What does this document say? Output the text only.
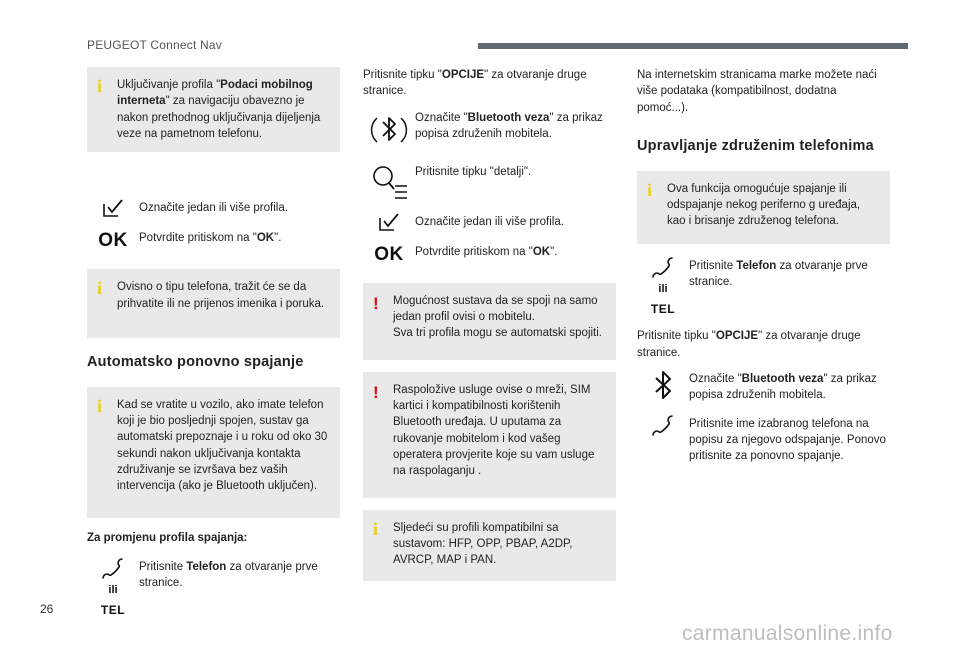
PEUGEOT Connect Nav
i Uključivanje profila "Podaci mobilnog interneta" za navigaciju obavezno je nakon prethodnog uključivanja dijeljenja veze na pametnom telefonu.

Označite jedan ili više profila.
OK Potvrdite pritiskom na "OK".
i Ovisno o tipu telefona, tražit će se da prihvatite ili ne prijenos imenika i poruka.

Automatsko ponovno spajanje
i Kad se vratite u vozilo, ako imate telefon koji je bio posljednji spojen, sustav ga automatski prepoznaje i u roku od oko 30 sekundi nakon uključivanja kontakta združivanje se izvršava bez vaših intervencija (ako je Bluetooth uključen).

Za promjenu profila spajanja:
ili
TEL
Pritisnite Telefon za otvaranje prve stranice.

Pritisnite tipku "OPCIJE" za otvaranje druge stranice.

Označite "Bluetooth veza" za prikaz popisa združenih mobitela.
Pritisnite tipku "detalji".
Označite jedan ili više profila.
OK Potvrdite pritiskom na "OK".
! Mogućnost sustava da se spoji na samo jedan profil ovisi o mobitelu.
Sva tri profila mogu se automatski spojiti.

! Raspoložive usluge ovise o mreži, SIM kartici i kompatibilnosti korištenih Bluetooth uređaja. U uputama za rukovanje mobitelom i kod vašeg operatera provjerite koje su vam usluge na raspolaganju .

i Sljedeći su profili kompatibilni sa sustavom: HFP, OPP, PBAP, A2DP, AVRCP, MAP i PAN.

Na internetskim stranicama marke možete naći više podataka (kompatibilnost, dodatna pomoć...).

Upravljanje združenim telefonima
i Ova funkcija omogućuje spajanje ili odspajanje nekog periferno g uređaja, kao i brisanje združenog telefona.

ili
TEL
Pritisnite Telefon za otvaranje prve stranice.

Pritisnite tipku "OPCIJE" za otvaranje druge stranice.

Označite "Bluetooth veza" za prikaz popisa združenih mobitela.
Pritisnite ime izabranog telefona na popisu za njegovo odspajanje. Ponovo pritisnite za ponovno spajanje.
26
carmanualsonline.info
